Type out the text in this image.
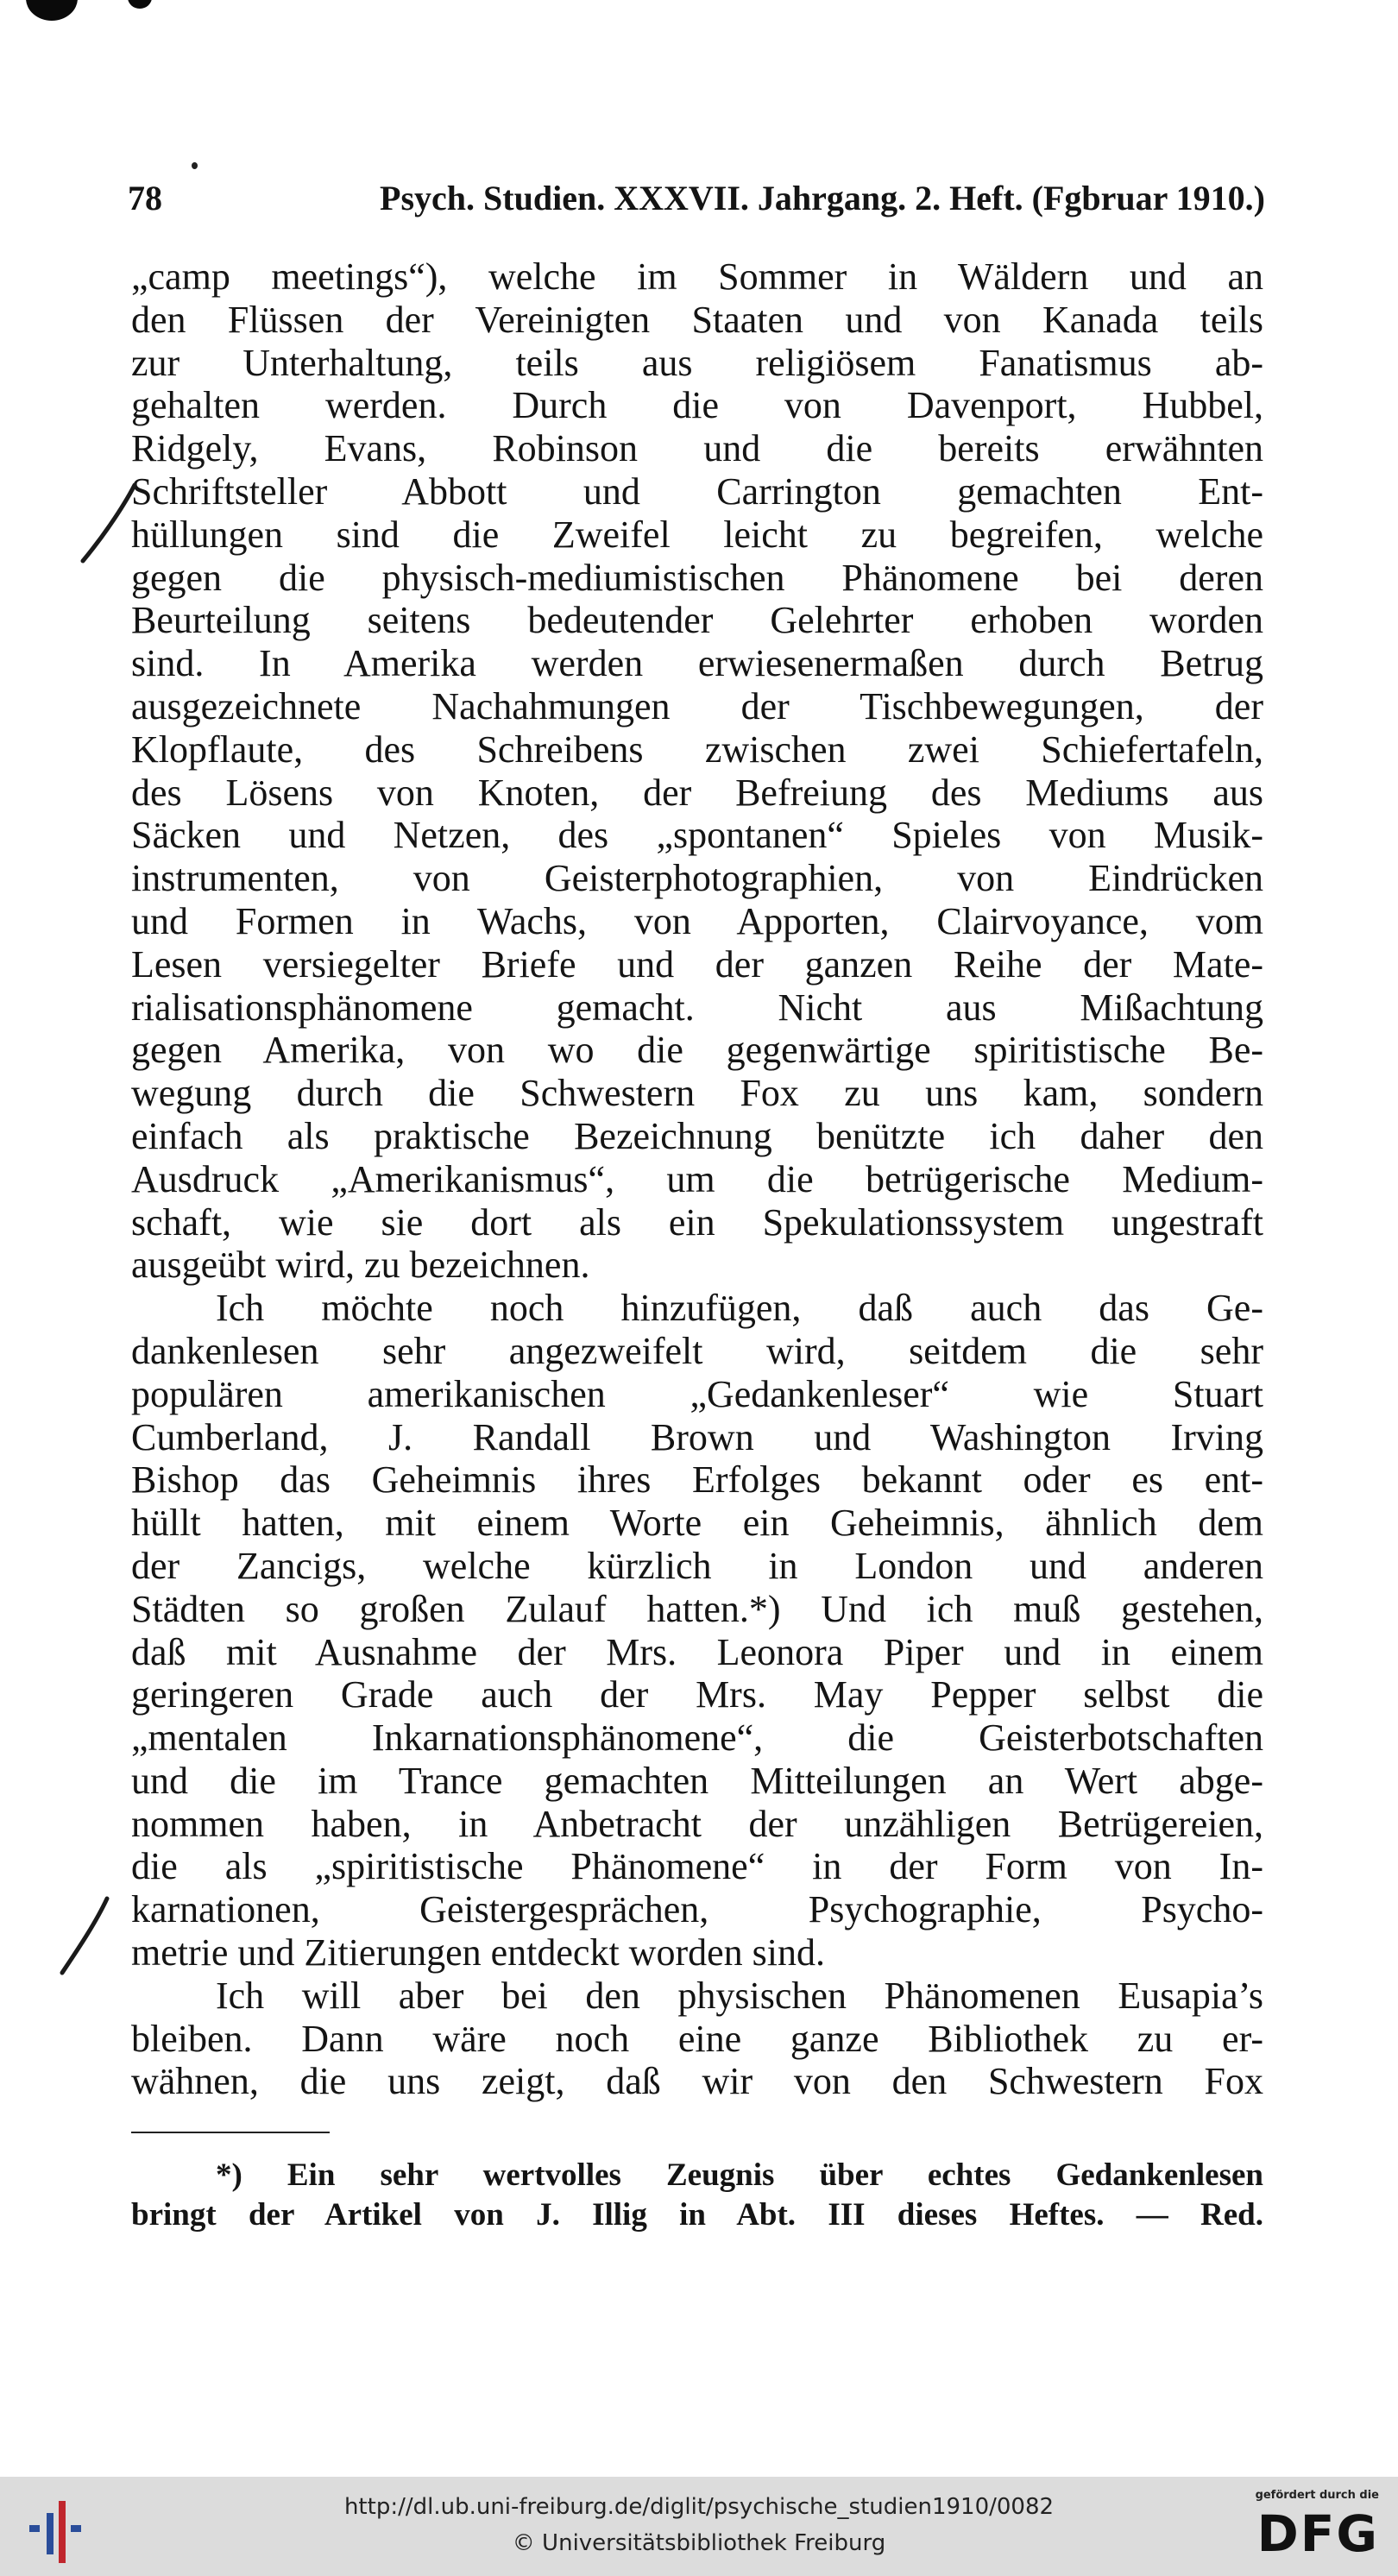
78	Psych. Studien. XXXVII. Jahrgang. 2. Heft. (Fgbruar 1910.)
„camp meetings“), welche im Sommer in Wäldern und an
den Flüssen der Vereinigten Staaten und von Kanada teils
zur Unterhaltung, teils aus religiösem Fanatismus ab-
gehalten werden. Durch die von Davenport, Hubbel,
Ridgely, Evans, Robinson und die bereits erwähnten
Schriftsteller Abbott und Carrington gemachten Ent-
hüllungen sind die Zweifel leicht zu begreifen, welche
gegen die physisch-mediumistischen Phänomene bei deren
Beurteilung seitens bedeutender Gelehrter erhoben worden
sind. In Amerika werden erwiesenermaßen durch Betrug
ausgezeichnete Nachahmungen der Tischbewegungen, der
Klopflaute, des Schreibens zwischen zwei Schiefertafeln,
des Lösens von Knoten, der Befreiung des Mediums aus
Säcken und Netzen, des „spontanen“ Spieles von Musik-
instrumenten, von Geisterphotographien, von Eindrücken
und Formen in Wachs, von Apporten, Clairvoyance, vom
Lesen versiegelter Briefe und der ganzen Reihe der Mate-
rialisationsphänomene gemacht. Nicht aus Mißachtung
gegen Amerika, von wo die gegenwärtige spiritistische Be-
wegung durch die Schwestern Fox zu uns kam, sondern
einfach als praktische Bezeichnung benützte ich daher den
Ausdruck „Amerikanismus“, um die betrügerische Medium-
schaft, wie sie dort als ein Spekulationssystem ungestraft
ausgeübt wird, zu bezeichnen.
Ich möchte noch hinzufügen, daß auch das Ge-
dankenlesen sehr angezweifelt wird, seitdem die sehr
populären amerikanischen „Gedankenleser“ wie Stuart
Cumberland, J. Randall Brown und Washington Irving
Bishop das Geheimnis ihres Erfolges bekannt oder es ent-
hüllt hatten, mit einem Worte ein Geheimnis, ähnlich dem
der Zancigs, welche kürzlich in London und anderen
Städten so großen Zulauf hatten.*) Und ich muß gestehen,
daß mit Ausnahme der Mrs. Leonora Piper und in einem
geringeren Grade auch der Mrs. May Pepper selbst die
„mentalen Inkarnationsphänomene“, die Geisterbotschaften
und die im Trance gemachten Mitteilungen an Wert abge-
nommen haben, in Anbetracht der unzähligen Betrügereien,
die als „spiritistische Phänomene“ in der Form von In-
karnationen, Geistergesprächen, Psychographie, Psycho-
metrie und Zitierungen entdeckt worden sind.
Ich will aber bei den physischen Phänomenen Eusapia’s
bleiben. Dann wäre noch eine ganze Bibliothek zu er-
wähnen, die uns zeigt, daß wir von den Schwestern Fox
*) Ein sehr wertvolles Zeugnis über echtes Gedankenlesen
bringt der Artikel von J. Illig in Abt. III dieses Heftes. — Red.
http://dl.ub.uni-freiburg.de/diglit/psychische_studien1910/0082
© Universitätsbibliothek Freiburg
gefördert durch die
DFG
